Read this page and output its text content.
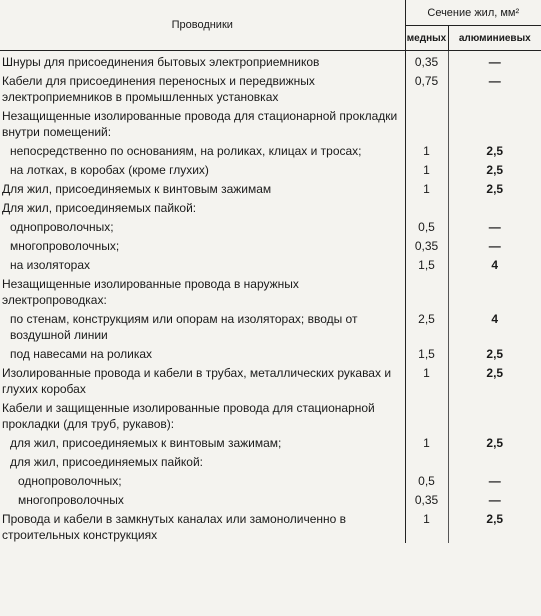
Проводники	Сечение жил, мм²	
	медных	алюминиевых
Шнуры для присоединения бытовых электроприемников	0,35	—
Кабели для присоединения переносных и передвижных электроприемников в промышленных установках	0,75	—
Незащищенные изолированные провода для стационарной прокладки внутри помещений:		
непосредственно по основаниям, на роликах, клицах и тросах;	1	2,5
на лотках, в коробах (кроме глухих)	1	2,5
Для жил, присоединяемых к винтовым зажимам	1	2,5
Для жил, присоединяемых пайкой:		
однопроволочных;	0,5	—
многопроволочных;	0,35	—
на изоляторах	1,5	4
Незащищенные изолированные провода в наружных электропроводках:		
по стенам, конструкциям или опорам на изоляторах; вводы от воздушной линии	2,5	4
под навесами на роликах	1,5	2,5
Изолированные провода и кабели в трубах, металлических рукавах и глухих коробах	1	2,5
Кабели и защищенные изолированные провода для стационарной прокладки (для труб, рукавов):		
для жил, присоединяемых к винтовым зажимам;	1	2,5
для жил, присоединяемых пайкой:		
однопроволочных;	0,5	—
многопроволочных	0,35	—
Провода и кабели в замкнутых каналах или замоноличенно в строительных конструкциях	1	2,5
